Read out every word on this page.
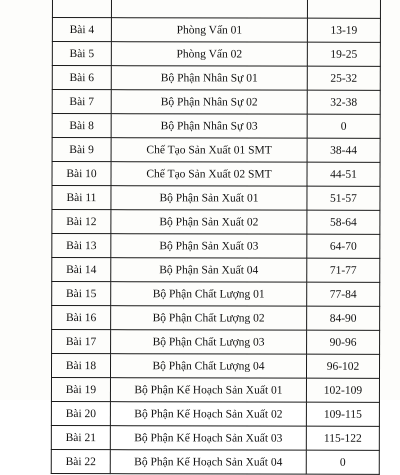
Bài 4	Phòng Vấn 01	13-19
Bài 5	Phòng Vấn 02	19-25
Bài 6	Bộ Phận Nhân Sự 01	25-32
Bài 7	Bộ Phận Nhân Sự 02	32-38
Bài 8	Bộ Phận Nhân Sự 03	0
Bài 9	Chế Tạo Sản Xuất 01 SMT	38-44
Bài 10	Chế Tạo Sản Xuất 02 SMT	44-51
Bài 11	Bộ Phận Sản Xuất 01	51-57
Bài 12	Bộ Phận Sản Xuất 02	58-64
Bài 13	Bộ Phận Sản Xuất 03	64-70
Bài 14	Bộ Phận Sản Xuất 04	71-77
Bài 15	Bộ Phận Chất Lượng 01	77-84
Bài 16	Bộ Phận Chất Lượng 02	84-90
Bài 17	Bộ Phận Chất Lượng 03	90-96
Bài 18	Bộ Phận Chất Lượng 04	96-102
Bài 19	Bộ Phận Kế Hoạch Sản Xuất 01	102-109
Bài 20	Bộ Phận Kế Hoạch Sản Xuất 02	109-115
Bài 21	Bộ Phận Kế Hoạch Sản Xuất 03	115-122
Bài 22	Bộ Phận Kế Hoạch Sản Xuất 04	0
